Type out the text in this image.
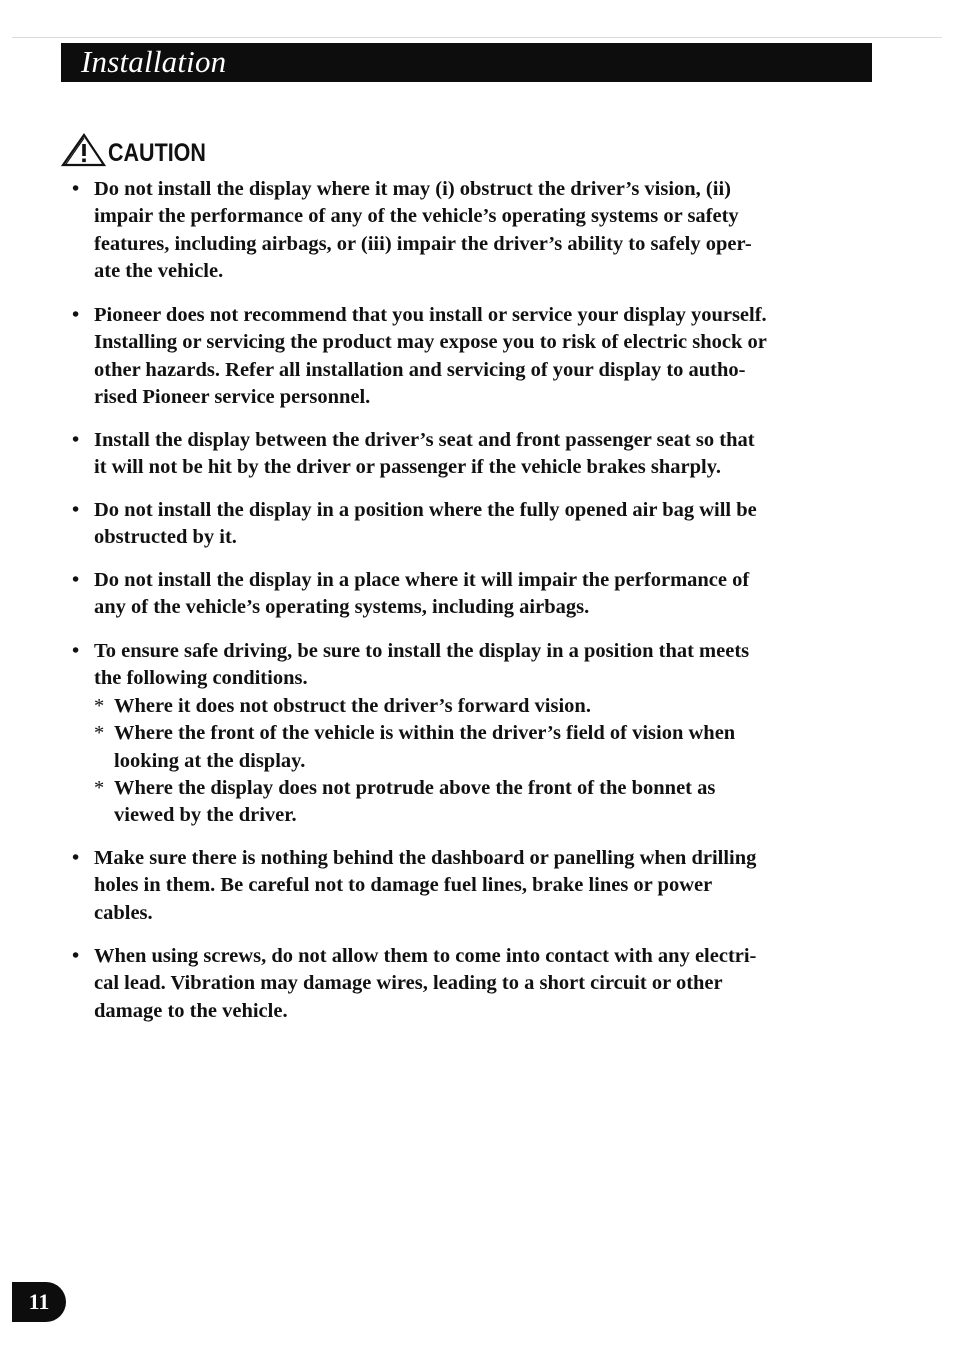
Installation
CAUTION
• Do not install the display where it may (i) obstruct the driver’s vision, (ii)
impair the performance of any of the vehicle’s operating systems or safety
features, including airbags, or (iii) impair the driver’s ability to safely oper-
ate the vehicle.
• Pioneer does not recommend that you install or service your display yourself.
Installing or servicing the product may expose you to risk of electric shock or
other hazards. Refer all installation and servicing of your display to autho-
rised Pioneer service personnel.
• Install the display between the driver’s seat and front passenger seat so that
it will not be hit by the driver or passenger if the vehicle brakes sharply.
• Do not install the display in a position where the fully opened air bag will be
obstructed by it.
• Do not install the display in a place where it will impair the performance of
any of the vehicle’s operating systems, including airbags.
• To ensure safe driving, be sure to install the display in a position that meets
the following conditions.
* Where it does not obstruct the driver’s forward vision.
* Where the front of the vehicle is within the driver’s field of vision when
looking at the display.
* Where the display does not protrude above the front of the bonnet as
viewed by the driver.
• Make sure there is nothing behind the dashboard or panelling when drilling
holes in them. Be careful not to damage fuel lines, brake lines or power
cables.
• When using screws, do not allow them to come into contact with any electri-
cal lead. Vibration may damage wires, leading to a short circuit or other
damage to the vehicle.
11
